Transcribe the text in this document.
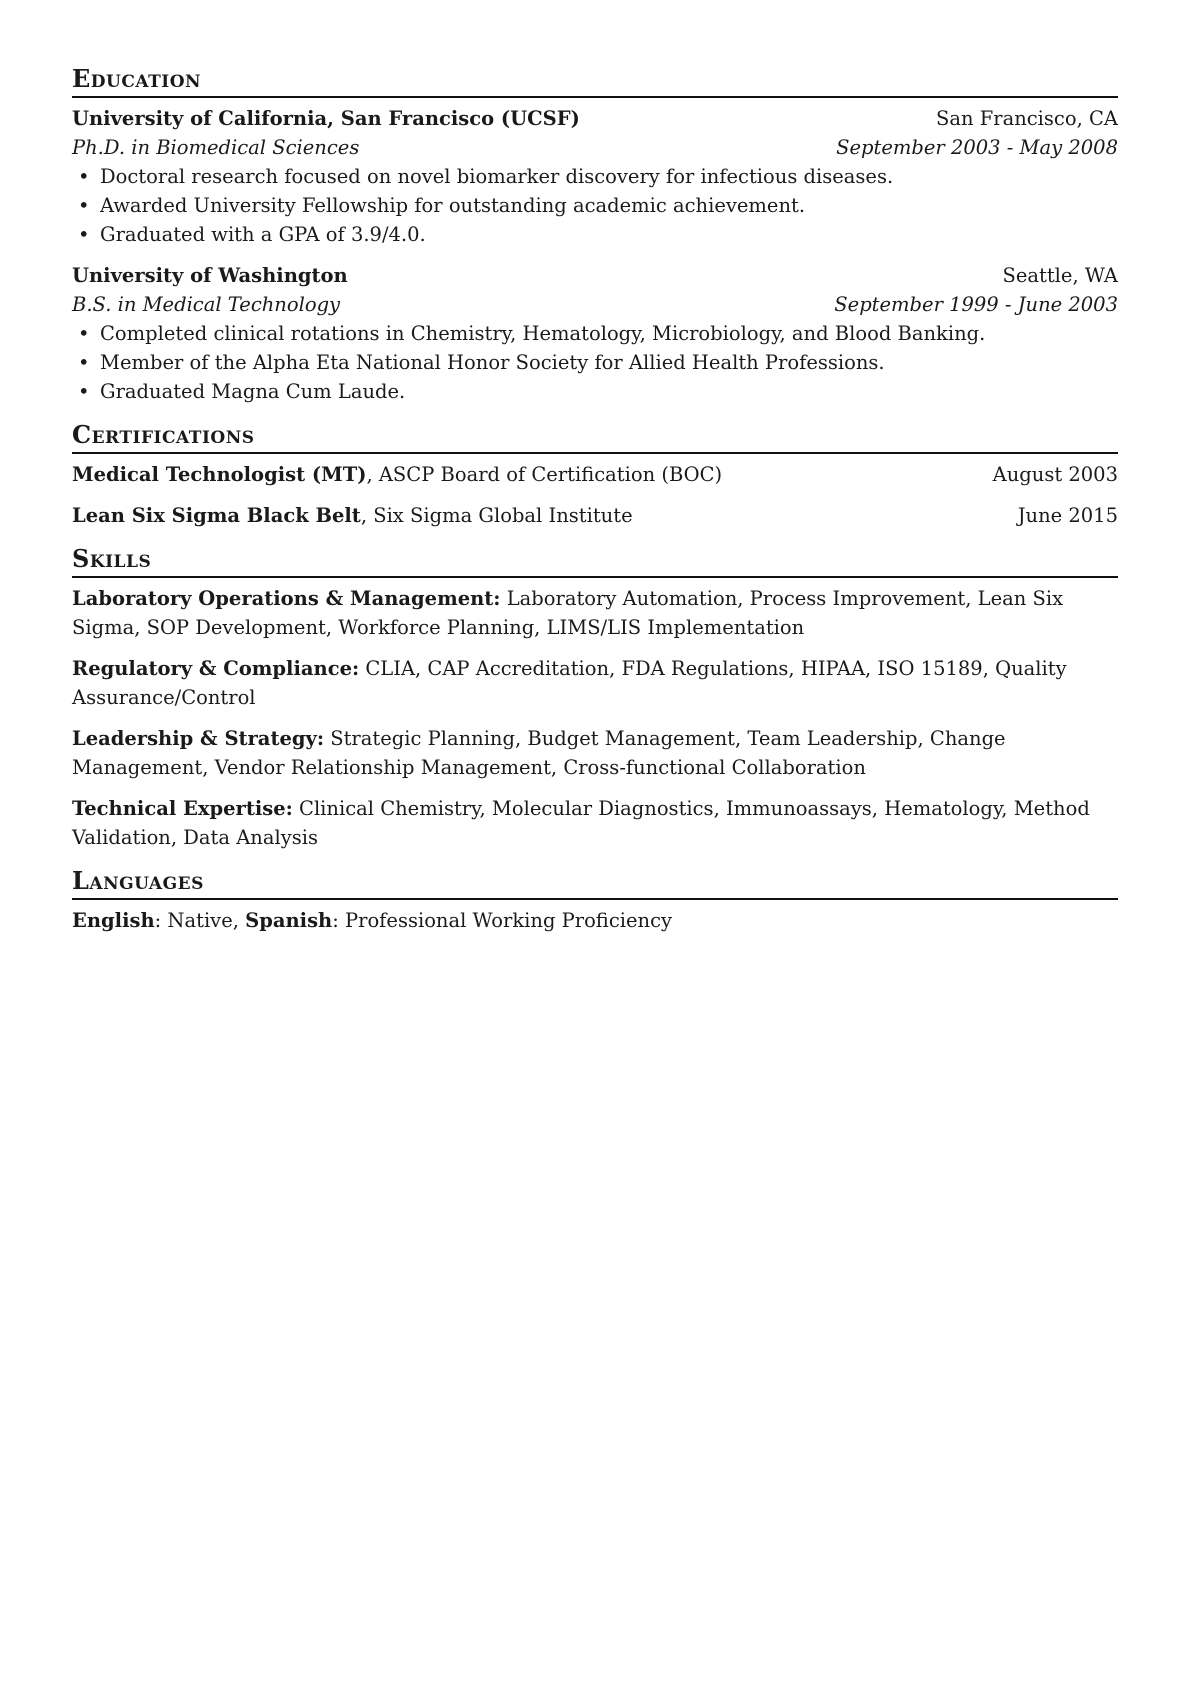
Education
University of California, San Francisco (UCSF)	San Francisco, CA
Ph.D. in Biomedical Sciences	September 2003 - May 2008
• Doctoral research focused on novel biomarker discovery for infectious diseases.
• Awarded University Fellowship for outstanding academic achievement.
• Graduated with a GPA of 3.9/4.0.
University of Washington	Seattle, WA
B.S. in Medical Technology	September 1999 - June 2003
• Completed clinical rotations in Chemistry, Hematology, Microbiology, and Blood Banking.
• Member of the Alpha Eta National Honor Society for Allied Health Professions.
• Graduated Magna Cum Laude.
Certifications
Medical Technologist (MT), ASCP Board of Certification (BOC)	August 2003
Lean Six Sigma Black Belt, Six Sigma Global Institute	June 2015
Skills
Laboratory Operations & Management: Laboratory Automation, Process Improvement, Lean Six Sigma, SOP Development, Workforce Planning, LIMS/LIS Implementation
Regulatory & Compliance: CLIA, CAP Accreditation, FDA Regulations, HIPAA, ISO 15189, Quality Assurance/Control
Leadership & Strategy: Strategic Planning, Budget Management, Team Leadership, Change Management, Vendor Relationship Management, Cross-functional Collaboration
Technical Expertise: Clinical Chemistry, Molecular Diagnostics, Immunoassays, Hematology, Method Validation, Data Analysis
Languages
English: Native, Spanish: Professional Working Proficiency
